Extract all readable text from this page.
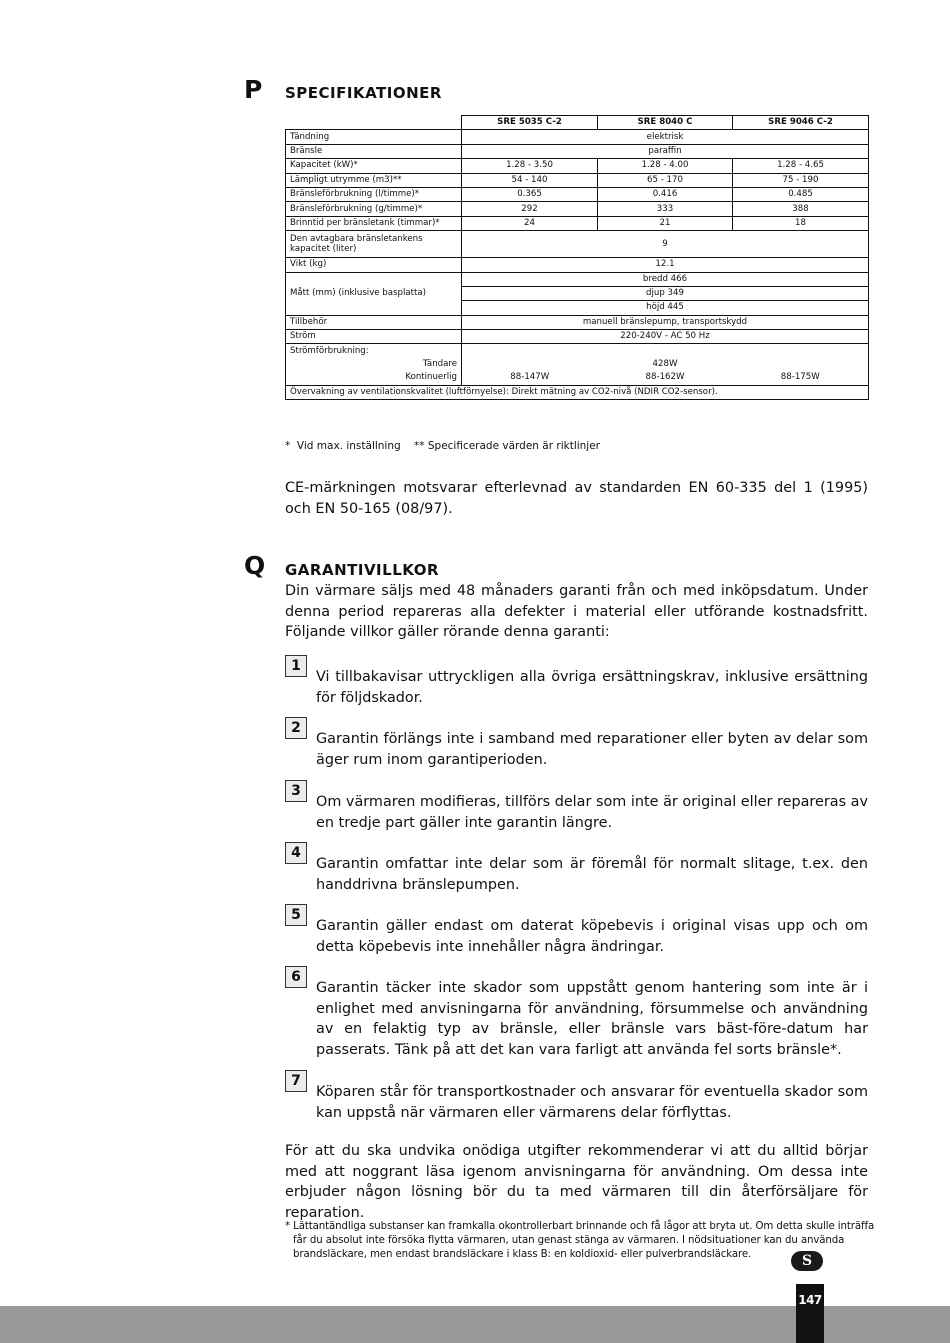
P SPECIFIKATIONER
	SRE 5035 C-2	SRE 8040 C	SRE 9046 C-2
Tändning	elektrisk		
Bränsle	paraffin		
Kapacitet (kW)*	1.28 - 3.50	1.28 - 4.00	1.28 - 4.65
Lämpligt utrymme (m3)**	54 - 140	65 - 170	75 - 190
Bränsleförbrukning (l/timme)*	0.365	0.416	0.485
Bränsleförbrukning (g/timme)*	292	333	388
Brinntid per bränsletank (timmar)*	24	21	18
Den avtagbara bränsletankens kapacitet (liter)	9		
Vikt (kg)	12.1		
Mått (mm) (inklusive basplatta)	bredd 466		
	djup 349		
	höjd 445		
Tillbehör	manuell bränslepump, transportskydd		
Ström	220-240V - AC 50 Hz		
Strömförbrukning:			
Tändare	428W		
Kontinuerlig	88-147W	88-162W	88-175W
Övervakning av ventilationskvalitet (luftförnyelse): Direkt mätning av CO2-nivå (NDIR CO2-sensor).			
*  Vid max. inställning    ** Specificerade värden är riktlinjer
CE-märkningen motsvarar efterlevnad av standarden EN 60-335 del 1 (1995) och EN 50-165 (08/97).
Q GARANTIVILLKOR
Din värmare säljs med 48 månaders garanti från och med inköpsdatum. Under denna period repareras alla defekter i material eller utförande kostnadsfritt. Följande villkor gäller rörande denna garanti:
1
Vi tillbakavisar uttryckligen alla övriga ersättningskrav, inklusive ersättning för följdskador.
2
Garantin förlängs inte i samband med reparationer eller byten av delar som äger rum inom garantiperioden.
3
Om värmaren modifieras, tillförs delar som inte är original eller repareras av en tredje part gäller inte garantin längre.
4
Garantin omfattar inte delar som är föremål för normalt slitage, t.ex. den handdrivna bränslepumpen.
5
Garantin gäller endast om daterat köpebevis i original visas upp och om detta köpebevis inte innehåller några ändringar.
6
Garantin täcker inte skador som uppstått genom hantering som inte är i enlighet med anvisningarna för användning, försummelse och användning av en felaktig typ av bränsle, eller bränsle vars bäst-före-datum har passerats. Tänk på att det kan vara farligt att använda fel sorts bränsle*.
7
Köparen står för transportkostnader och ansvarar för eventuella skador som kan uppstå när värmaren eller värmarens delar förflyttas.
För att du ska undvika onödiga utgifter rekommenderar vi att du alltid börjar med att noggrant läsa igenom anvisningarna för användning. Om dessa inte erbjuder någon lösning bör du ta med värmaren till din återförsäljare för reparation.
* Lättantändliga substanser kan framkalla okontrollerbart brinnande och få lågor att bryta ut. Om detta skulle inträffa får du absolut inte försöka flytta värmaren, utan genast stänga av värmaren. I nödsituationer kan du använda brandsläckare, men endast brandsläckare i klass B: en koldioxid- eller pulverbrandsläckare.	S
147
